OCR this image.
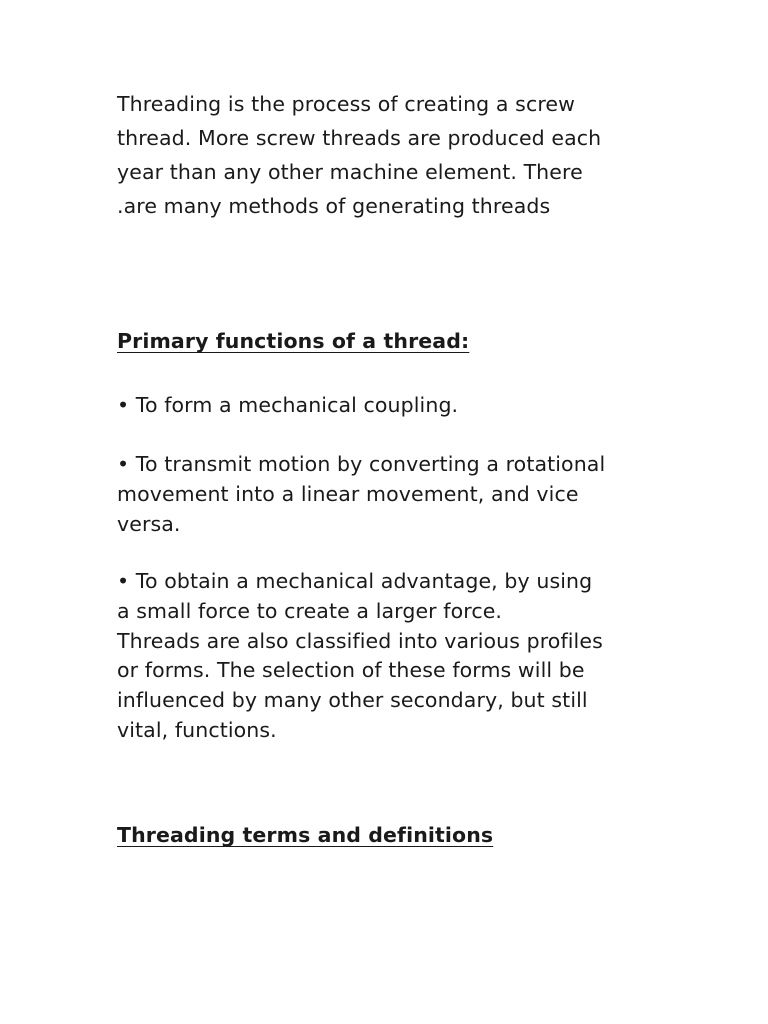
Threading is the process of creating a screw
thread. More screw threads are produced each
year than any other machine element. There
.are many methods of generating threads

Primary functions of a thread:

• To form a mechanical coupling.

• To transmit motion by converting a rotational
movement into a linear movement, and vice
versa.

• To obtain a mechanical advantage, by using
a small force to create a larger force.
Threads are also classified into various profiles
or forms. The selection of these forms will be
influenced by many other secondary, but still
vital, functions.

Threading terms and definitions
